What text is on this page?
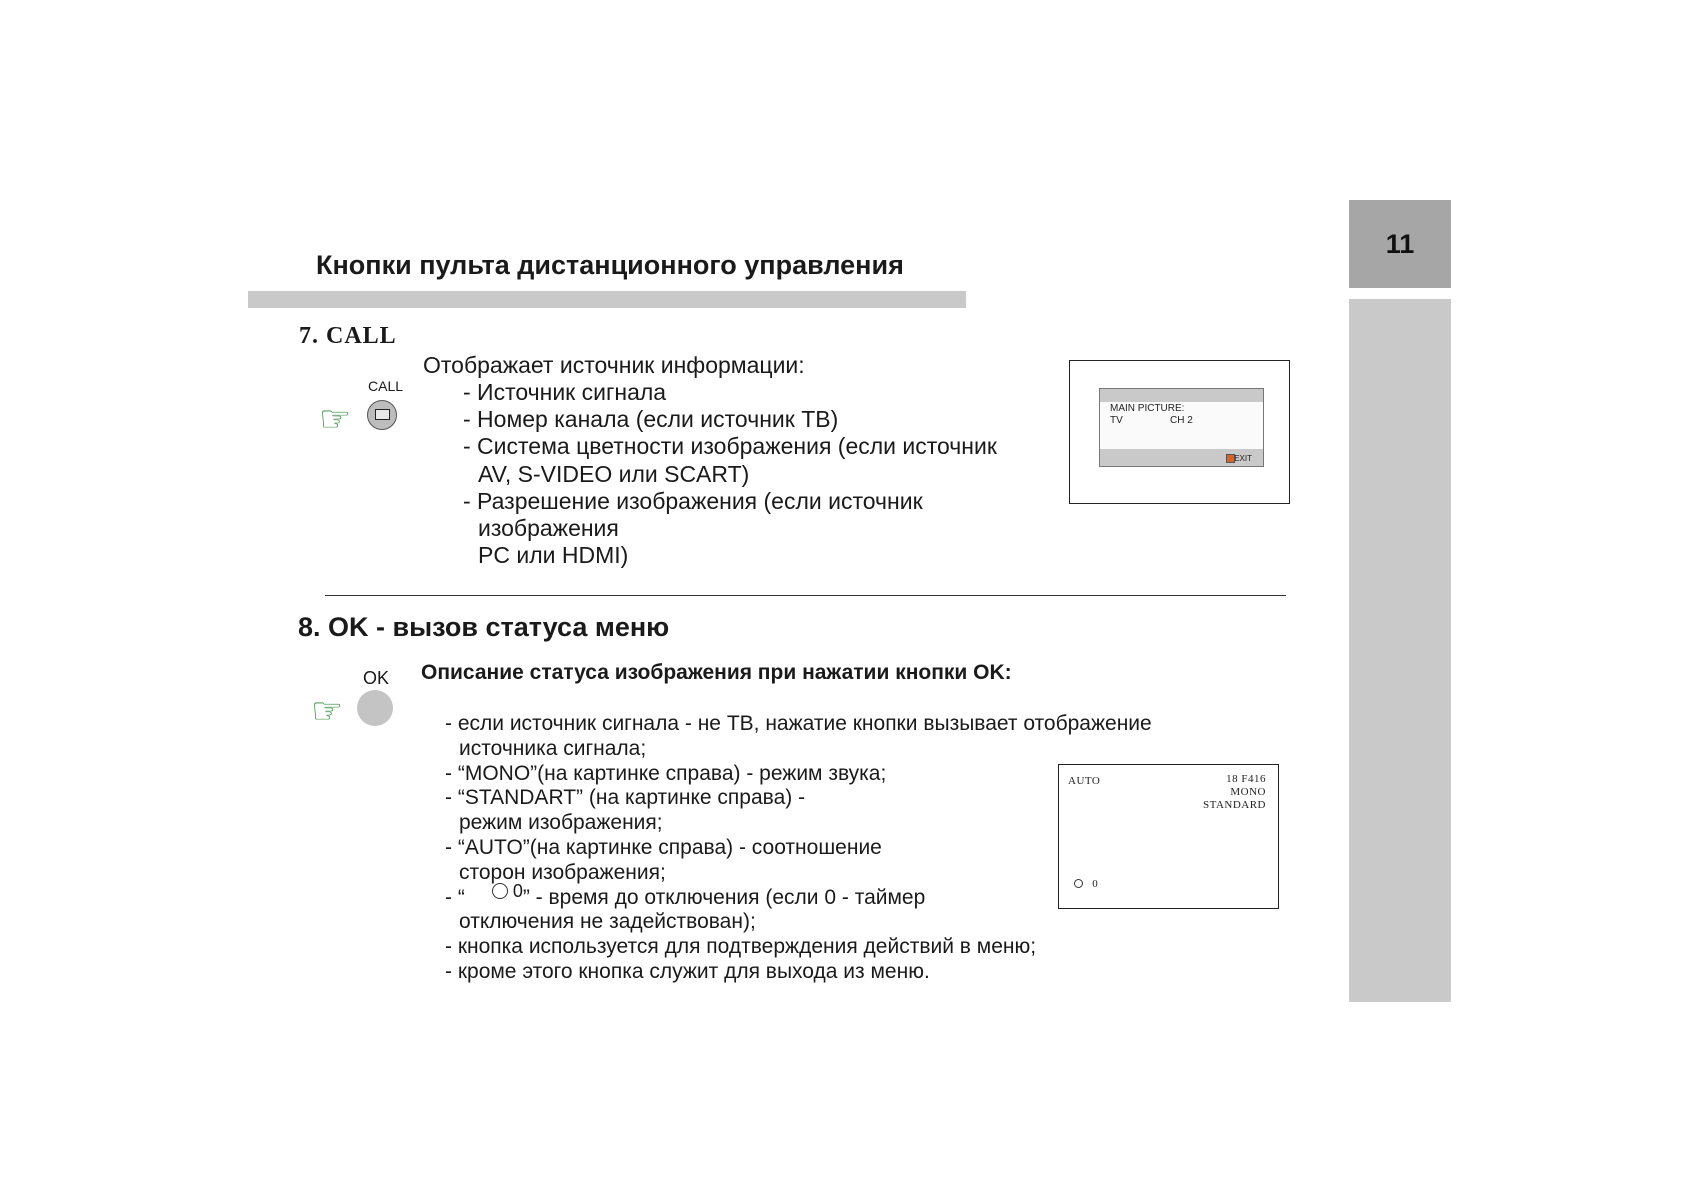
11
Кнопки пульта дистанционного управления
7. CALL
CALL
☞
Отображает источник информации:
- Источник сигнала
- Номер канала (если источник ТВ)
- Система цветности изображения (если источник
AV, S-VIDEO или SCART)
- Разрешение изображения (если источник
изображения
PC или HDMI)
MAIN PICTURE:
TV	CH 2
EXIT
8. OK - вызов статуса меню
OK
☞
Описание статуса изображения при нажатии кнопки OK:
- если источник сигнала - не ТВ, нажатие кнопки вызывает отображение
источника сигнала;
- “MONO”(на картинке справа) - режим звука;
- “STANDART” (на картинке справа) -
режим изображения;
- “AUTO”(на картинке справа) - соотношение
сторон изображения;
- “	0 ” - время до отключения (если 0 - таймер
отключения не задействован);
- кнопка используется для подтверждения действий в меню;
- кроме этого кнопка служит для выхода из меню.
AUTO	18 F416
MONO
STANDARD
0
